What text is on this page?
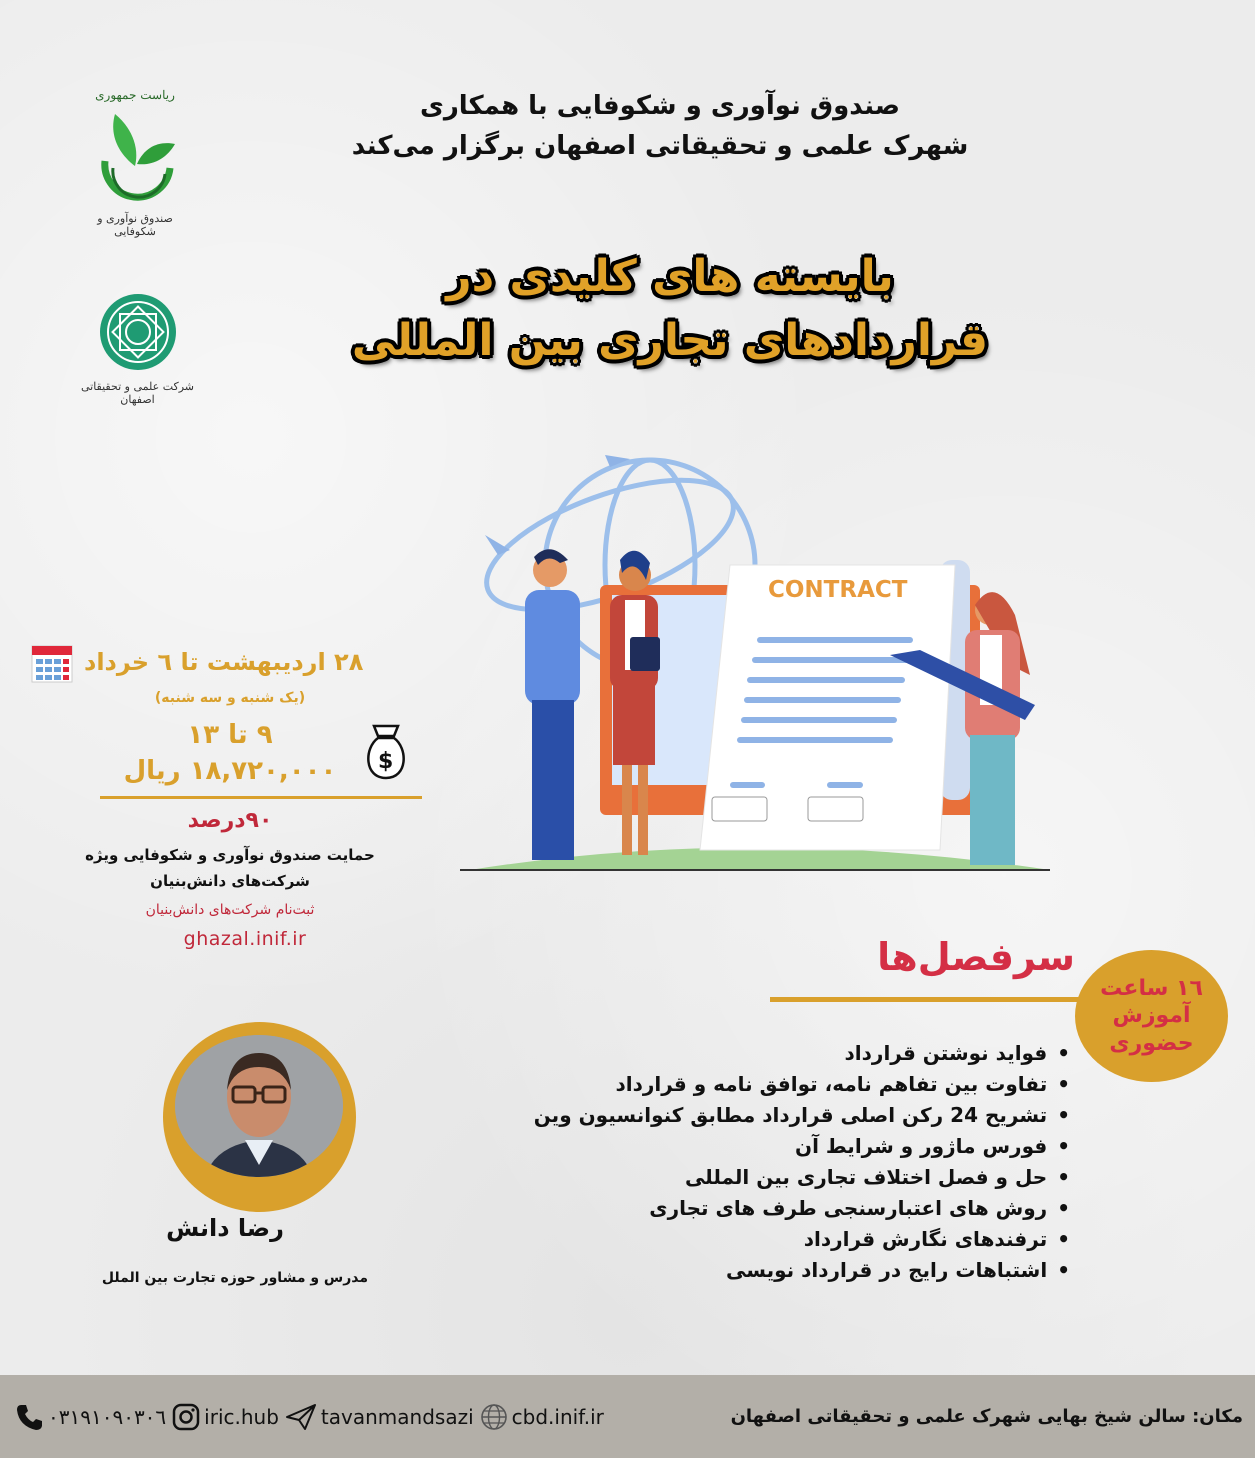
ریاست جمهوری
صندوق نوآوری و شکوفایی
شرکت علمی و تحقیقاتی اصفهان
صندوق نوآوری و شکوفایی با همکاری
شهرک علمی و تحقیقاتی اصفهان برگزار می‌کند
بایسته های کلیدی در
قراردادهای تجاری بین المللی
CONTRACT
۲۸ اردیبهشت تا ٦ خرداد
(یک شنبه و سه شنبه)
۹ تا ۱۳
۱۸,۷۲۰,۰۰۰ ریال	$
۹۰درصد
حمایت صندوق نوآوری و شکوفایی ویژه
شرکت‌های دانش‌بنیان
ثبت‌نام شرکت‌های دانش‌بنیان
ghazal.inif.ir	سرفصل‌ها
۱٦ ساعت
آموزش
حضوری
•فواید نوشتن قرارداد
•تفاوت بین تفاهم نامه، توافق نامه و قرارداد
•تشریح 24 رکن اصلی قرارداد مطابق کنوانسیون وین
•فورس ماژور و شرایط آن
•حل و فصل اختلاف تجاری بین المللی
•روش های اعتبارسنجی طرف های تجاری
•ترفندهای نگارش قرارداد
•اشتباهات رایج در قرارداد نویسی
رضا دانش
مدرس و مشاور حوزه تجارت بین الملل
۰۳۱۹۱۰۹۰۳۰٦ iric.hub tavanmandsazi cbd.inif.ir	مکان: سالن شیخ بهایی شهرک علمی و تحقیقاتی اصفهان
